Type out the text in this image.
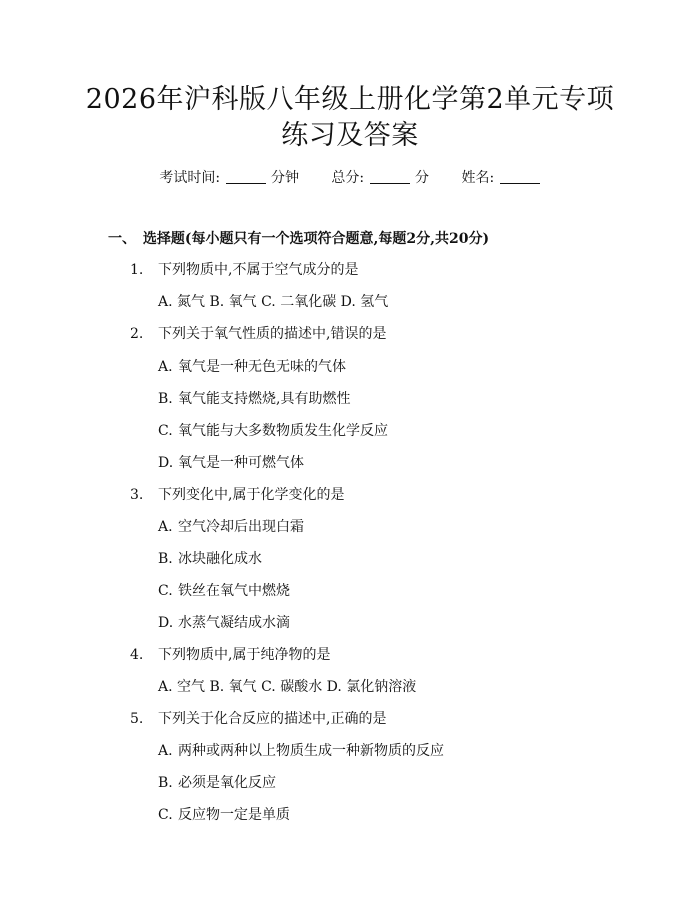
2026年沪科版八年级上册化学第2单元专项
练习及答案
考试时间:	分钟 总分:	分 姓名:
一、 选择题(每小题只有一个选项符合题意,每题2分,共20分)
1. 下列物质中,不属于空气成分的是
A. 氮气 B. 氧气 C. 二氧化碳 D. 氢气
2. 下列关于氧气性质的描述中,错误的是
A. 氧气是一种无色无味的气体
B. 氧气能支持燃烧,具有助燃性
C. 氧气能与大多数物质发生化学反应
D. 氧气是一种可燃气体
3. 下列变化中,属于化学变化的是
A. 空气冷却后出现白霜
B. 冰块融化成水
C. 铁丝在氧气中燃烧
D. 水蒸气凝结成水滴
4. 下列物质中,属于纯净物的是
A. 空气 B. 氧气 C. 碳酸水 D. 氯化钠溶液
5. 下列关于化合反应的描述中,正确的是
A. 两种或两种以上物质生成一种新物质的反应
B. 必须是氧化反应
C. 反应物一定是单质
